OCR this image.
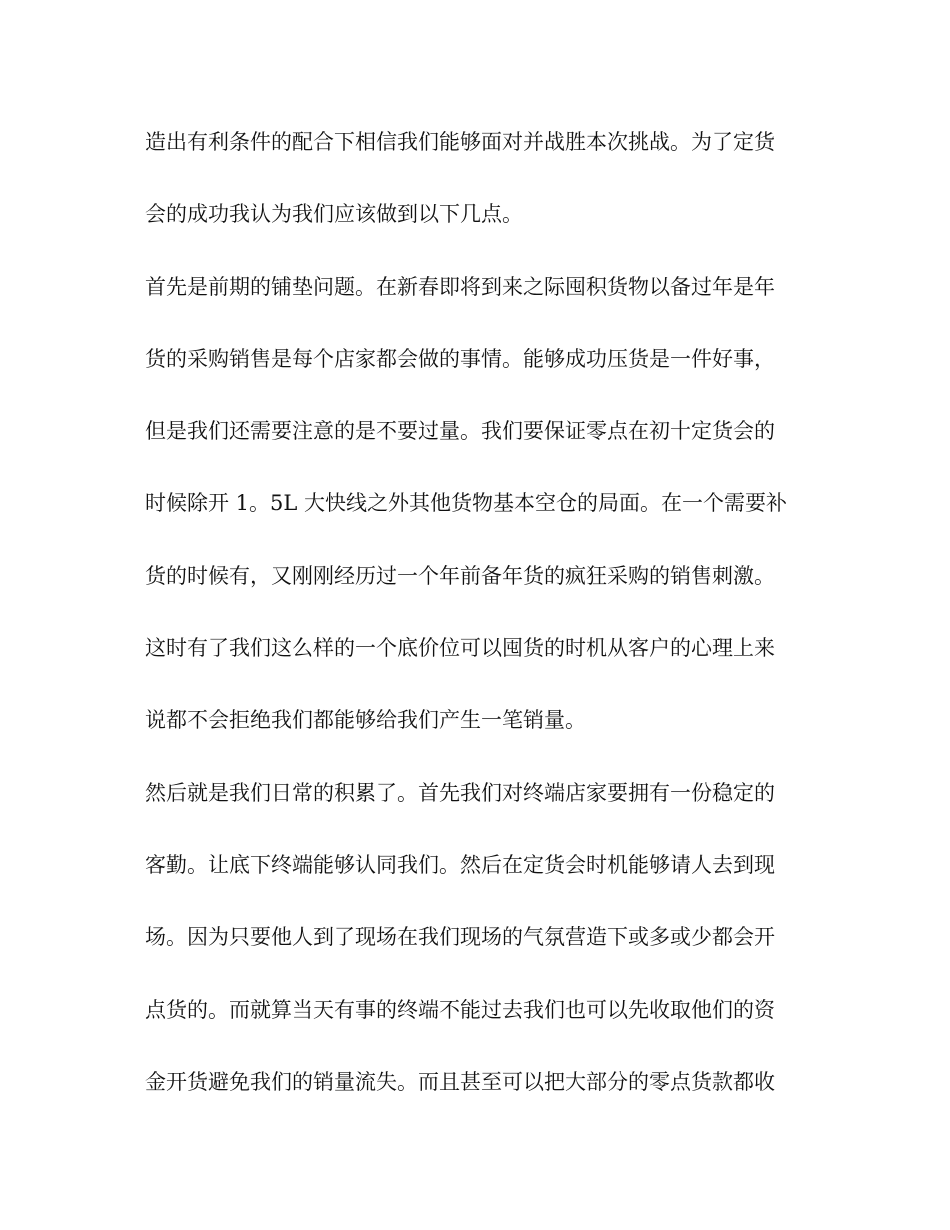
造出有利条件的配合下相信我们能够面对并战胜本次挑战。为了定货
会的成功我认为我们应该做到以下几点。
首先是前期的铺垫问题。在新春即将到来之际囤积货物以备过年是年
货的采购销售是每个店家都会做的事情。能够成功压货是一件好事，
但是我们还需要注意的是不要过量。我们要保证零点在初十定货会的
时候除开 1。5L 大快线之外其他货物基本空仓的局面。在一个需要补
货的时候有，又刚刚经历过一个年前备年货的疯狂采购的销售刺激。
这时有了我们这么样的一个底价位可以囤货的时机从客户的心理上来
说都不会拒绝我们都能够给我们产生一笔销量。
然后就是我们日常的积累了。首先我们对终端店家要拥有一份稳定的
客勤。让底下终端能够认同我们。然后在定货会时机能够请人去到现
场。因为只要他人到了现场在我们现场的气氛营造下或多或少都会开
点货的。而就算当天有事的终端不能过去我们也可以先收取他们的资
金开货避免我们的销量流失。而且甚至可以把大部分的零点货款都收
